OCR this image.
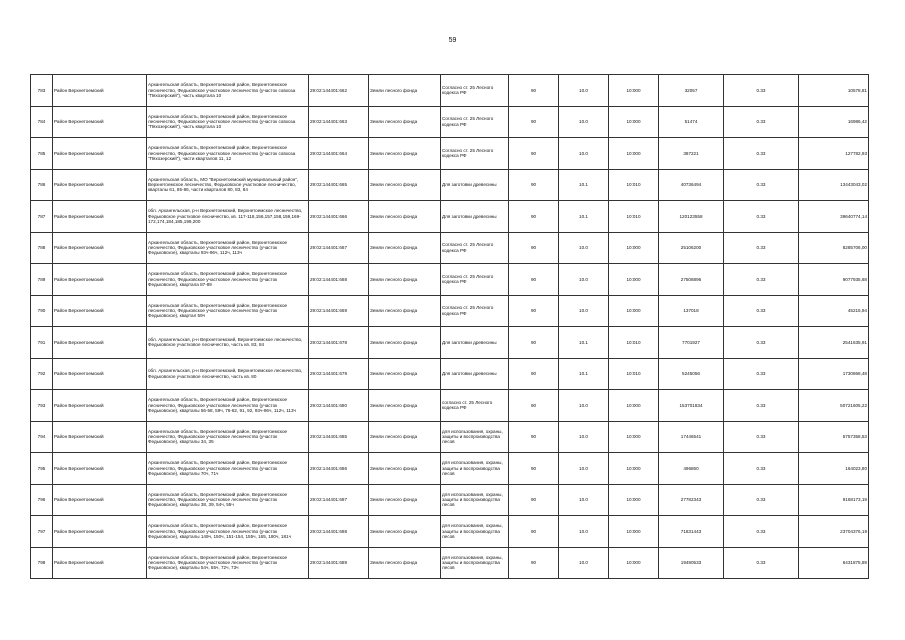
59
783	Район Верхнетоемский	Архангельская область, Верхнетоемский район, Верхнетоемское лесничество, Федьковское участковое лесничество (участок совхоза "Пяхозерский"), часть квартала 10	29:02:144401:662	Земли лесного фонда	Согласно ст. 25 Лесного кодекса РФ	90	10.0	10:000	32057	0.33	10578,81
784	Район Верхнетоемский	Архангельская область, Верхнетоемский район, Верхнетоемское лесничество, Федьковское участковое лесничество (участок совхоза "Пяхозерский"), часть квартала 10	29:02:144401:663	Земли лесного фонда	Согласно ст. 25 Лесного кодекса РФ	90	10.0	10:000	51474	0.33	16986,42
785	Район Верхнетоемский	Архангельская область, Верхнетоемский район, Верхнетоемское лесничество, Федьковское участковое лесничество (участок совхоза "Пяхозерский"), части кварталов 11, 12	29:02:144401:664	Земли лесного фонда	Согласно ст. 25 Лесного кодекса РФ	90	10.0	10:000	387221	0.33	127782,93
786	Район Верхнетоемский	Архангельская область, МО "Верхнетоемский муниципальный район", Верхнетоемское лесничество, Федьковское участковое лесничество, кварталы 61, 85-86, части кварталов 80, 83, 84	29:02:144401:665	Земли лесного фонда	Для заготовки древесины	90	10.1	10:010	40736494	0.33	13443043,02
787	Район Верхнетоемский	обл. Архангельская, р-н Верхнетоемский, Верхнетоемское лесничество, Федьковское участковое лесничество, кв. 117-118,156,157,158,159,169-172,174,184,185,199,200	29:02:144401:666	Земли лесного фонда	Для заготовки древесины	90	10.1	10:010	120123558	0.33	39640774,14
788	Район Верхнетоемский	Архангельская область, Верхнетоемский район, Верхнетоемское лесничество, Федьковское участковое лесничество (участок Федьковское), кварталы 93ч-96ч, 112ч, 113ч	29:02:144401:667	Земли лесного фонда	Согласно ст. 25 Лесного кодекса РФ	90	10.0	10:000	25106200	0.33	8285706,00
789	Район Верхнетоемский	Архангельская область, Верхнетоемский район, Верхнетоемское лесничество, Федьковское участковое лесничество (участок Федьковское), квартала 87-89	29:02:144401:668	Земли лесного фонда	Согласно ст. 25 Лесного кодекса РФ	90	10.0	10:000	27508896	0.33	9077935,68
790	Район Верхнетоемский	Архангельская область, Верхнетоемский район, Верхнетоемское лесничество, Федьковское участковое лесничество (участок Федьковское), квартал 59ч	29:02:144401:669	Земли лесного фонда	Согласно ст. 25 Лесного кодекса РФ	90	10.0	10:000	137018	0.33	45215,94
791	Район Верхнетоемский	обл. Архангельская, р-н Верхнетоемский, Верхнетоемское лесничество, Федьковское участковое лесничество, часть кв. 83, 84	29:02:144401:678	Земли лесного фонда	Для заготовки древесины	90	10.1	10:010	7701927	0.33	2541635,91
792	Район Верхнетоемский	обл. Архангельская, р-н Верхнетоемский, Верхнетоемское лесничество, Федьковское участковое лесничество, часть кв. 80	29:02:144401:679	Земли лесного фонда	Для заготовки древесины	90	10.1	10:010	5245056	0.33	1730868,48
793	Район Верхнетоемский	Архангельская область, Верхнетоемский район, Верхнетоемское лесничество, Федьковское участковое лесничество (участок Федьковское), кварталы 56-58, 59ч, 76-82, 91, 92, 93ч-96ч, 112ч, 113ч	29:02:144401:680	Земли лесного фонда	согласно ст. 25 Лесного кодекса РФ	90	10.0	10:000	153701834	0.33	50721605,22
794	Район Верхнетоемский	Архангельская область, Верхнетоемский район, Верхнетоемское лесничество, Федьковское участковое лесничество (участок Федьковское), кварталы 34, 35	29:02:144401:685	Земли лесного фонда	для использования, охраны, защиты и воспроизводства лесов	90	10.0	10:000	17446541	0.33	5757358,53
795	Район Верхнетоемский	Архангельская область, Верхнетоемский район, Верхнетоемское лесничество, Федьковское участковое лесничество (участок Федьковское), кварталы 70ч, 71ч	29:02:144401:686	Земли лесного фонда	для использования, охраны, защиты и воспроизводства лесов	90	10.0	10:000	496860	0.33	164023,80
796	Район Верхнетоемский	Архангельская область, Верхнетоемский район, Верхнетоемское лесничество, Федьковское участковое лесничество (участок Федьковское), кварталы 38, 39, 54ч, 55ч	29:02:144401:687	Земли лесного фонда	для использования, охраны, защиты и воспроизводства лесов	90	10.0	10:000	27782343	0.33	9168173,19
797	Район Верхнетоемский	Архангельская область, Верхнетоемский район, Верхнетоемское лесничество, Федьковское участковое лесничество (участок Федьковское), кварталы 149ч, 150ч, 151-154, 155ч, 165, 180ч, 181ч	29:02:144401:688	Земли лесного фонда	для использования, охраны, защиты и воспроизводства лесов	90	10.0	10:000	71831443	0.33	23704376,19
798	Район Верхнетоемский	Архангельская область, Верхнетоемский район, Верхнетоемское лесничество, Федьковское участковое лесничество (участок Федьковское), кварталы 54ч, 55ч, 72ч, 73ч	29:02:144401:689	Земли лесного фонда	для использования, охраны, защиты и воспроизводства лесов	90	10.0	10:000	19490533	0.33	6431875,89
